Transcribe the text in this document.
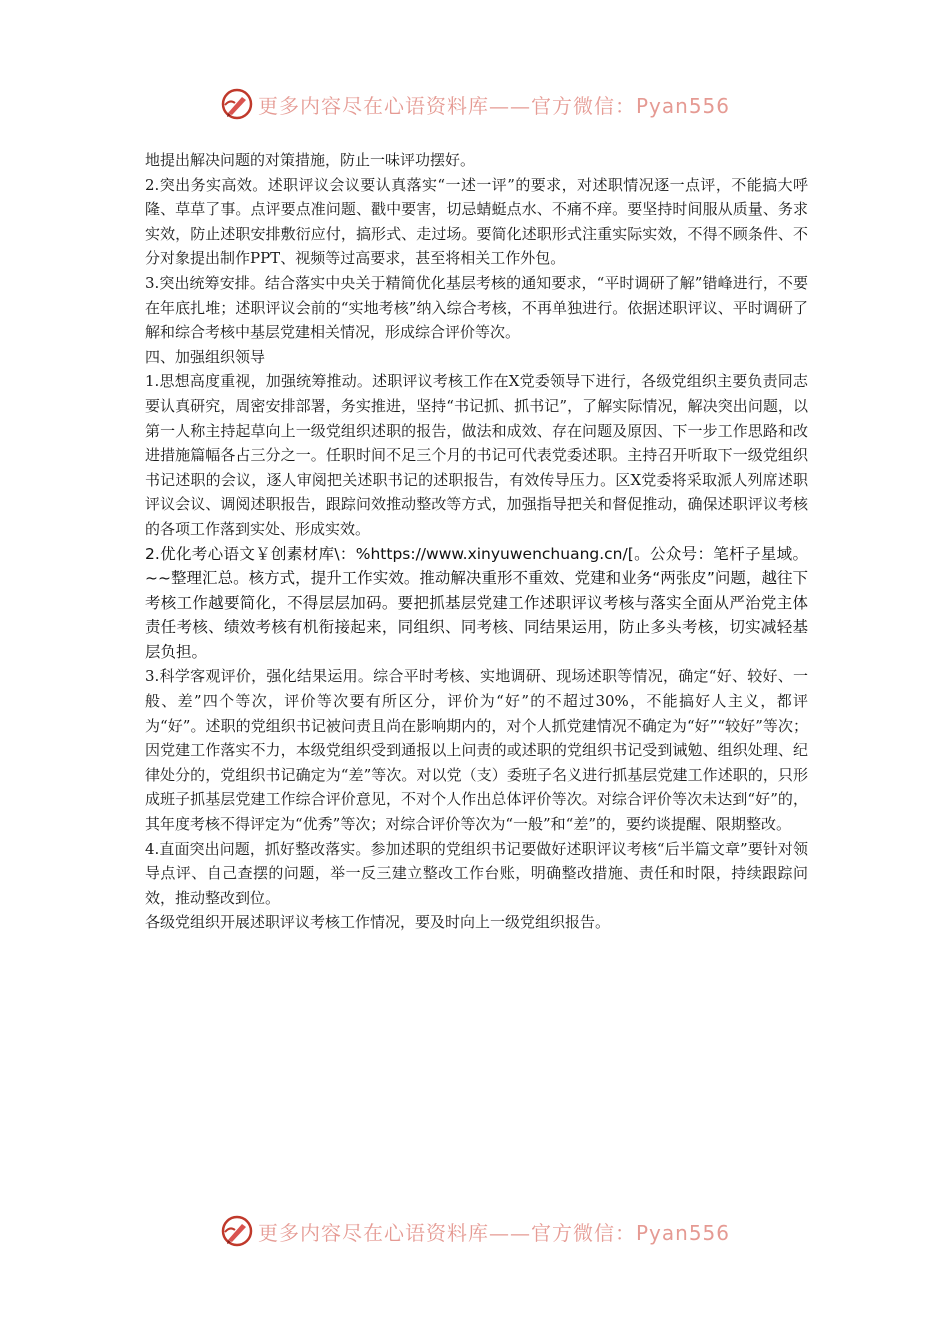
更多内容尽在心语资料库——官方微信：Pyan556

地提出解决问题的对策措施，防止一味评功摆好。

2.突出务实高效。述职评议会议要认真落实“一述一评”的要求，对述职情况逐一点评，不能搞大呼隆、草草了事。点评要点准问题、戳中要害，切忌蜻蜓点水、不痛不痒。要坚持时间服从质量、务求实效，防止述职安排敷衍应付，搞形式、走过场。要简化述职形式注重实际实效，不得不顾条件、不分对象提出制作PPT、视频等过高要求，甚至将相关工作外包。

3.突出统筹安排。结合落实中央关于精简优化基层考核的通知要求，“平时调研了解”错峰进行，不要在年底扎堆；述职评议会前的“实地考核”纳入综合考核，不再单独进行。依据述职评议、平时调研了解和综合考核中基层党建相关情况，形成综合评价等次。

四、加强组织领导

1.思想高度重视，加强统筹推动。述职评议考核工作在X党委领导下进行，各级党组织主要负责同志要认真研究，周密安排部署，务实推进，坚持“书记抓、抓书记”，了解实际情况，解决突出问题，以第一人称主持起草向上一级党组织述职的报告，做法和成效、存在问题及原因、下一步工作思路和改进措施篇幅各占三分之一。任职时间不足三个月的书记可代表党委述职。主持召开听取下一级党组织书记述职的会议，逐人审阅把关述职书记的述职报告，有效传导压力。区X党委将采取派人列席述职评议会议、调阅述职报告，跟踪问效推动整改等方式，加强指导把关和督促推动，确保述职评议考核的各项工作落到实处、形成实效。

2.优化考心语文￥创素材库\：%https://www.xinyuwenchuang.cn/[。公众号：笔杆子星域。~~整理汇总。核方式，提升工作实效。推动解决重形不重效、党建和业务“两张皮”问题，越往下考核工作越要简化，不得层层加码。要把抓基层党建工作述职评议考核与落实全面从严治党主体责任考核、绩效考核有机衔接起来，同组织、同考核、同结果运用，防止多头考核，切实减轻基层负担。

3.科学客观评价，强化结果运用。综合平时考核、实地调研、现场述职等情况，确定“好、较好、一般、差”四个等次，评价等次要有所区分，评价为“好”的不超过30%，不能搞好人主义，都评为“好”。述职的党组织书记被问责且尚在影响期内的，对个人抓党建情况不确定为“好”“较好”等次；因党建工作落实不力，本级党组织受到通报以上问责的或述职的党组织书记受到诫勉、组织处理、纪律处分的，党组织书记确定为“差”等次。对以党（支）委班子名义进行抓基层党建工作述职的，只形成班子抓基层党建工作综合评价意见，不对个人作出总体评价等次。对综合评价等次未达到“好”的，其年度考核不得评定为“优秀”等次；对综合评价等次为“一般”和“差”的，要约谈提醒、限期整改。

4.直面突出问题，抓好整改落实。参加述职的党组织书记要做好述职评议考核“后半篇文章”要针对领导点评、自己查摆的问题，举一反三建立整改工作台账，明确整改措施、责任和时限，持续跟踪问效，推动整改到位。

各级党组织开展述职评议考核工作情况，要及时向上一级党组织报告。

更多内容尽在心语资料库——官方微信：Pyan556
